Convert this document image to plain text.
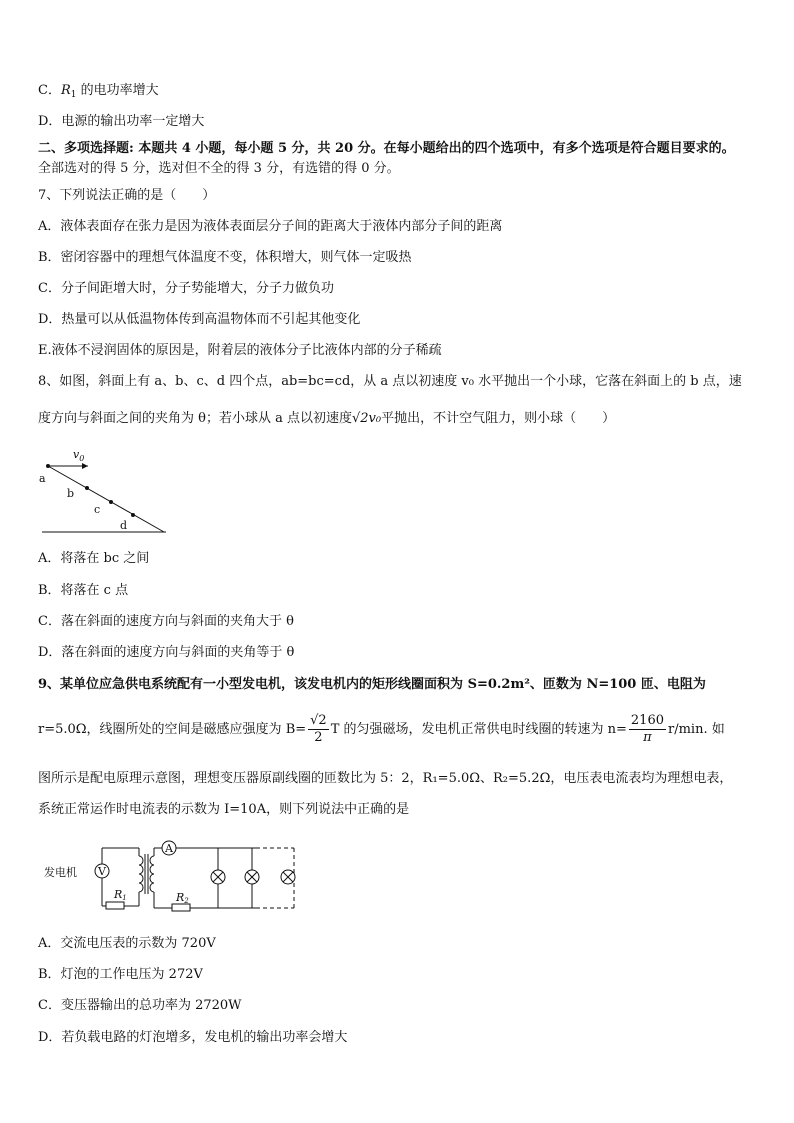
C．$R_1$ 的电功率增大
D．电源的输出功率一定增大
二、多项选择题: 本题共 4 小题，每小题 5 分，共 20 分。在每小题给出的四个选项中，有多个选项是符合题目要求的。
全部选对的得 5 分，选对但不全的得 3 分，有选错的得 0 分。
7、下列说法正确的是（　　）
A．液体表面存在张力是因为液体表面层分子间的距离大于液体内部分子间的距离
B．密闭容器中的理想气体温度不变，体积增大，则气体一定吸热
C．分子间距增大时，分子势能增大，分子力做负功
D．热量可以从低温物体传到高温物体而不引起其他变化
E.液体不浸润固体的原因是，附着层的液体分子比液体内部的分子稀疏
8、如图，斜面上有 a、b、c、d 四个点，ab=bc=cd，从 a 点以初速度 v₀ 水平抛出一个小球，它落在斜面上的 b 点，速
度方向与斜面之间的夹角为 θ；若小球从 a 点以初速度√2v₀平抛出，不计空气阻力，则小球（　　）
$v_0$
a
b
c
d
A．将落在 bc 之间
B．将落在 c 点
C．落在斜面的速度方向与斜面的夹角大于 θ
D．落在斜面的速度方向与斜面的夹角等于 θ
9、某单位应急供电系统配有一小型发电机，该发电机内的矩形线圈面积为 S=0.2m²、匝数为 N=100 匝、电阻为
r=5.0Ω，线圈所处的空间是磁感应强度为 $B= \frac{√2}{2}$ T 的匀强磁场，发电机正常供电时线圈的转速为 $n= \frac{2160}{\pi} r/\min$. 如
图所示是配电原理示意图，理想变压器原副线圈的匝数比为 5：2，R₁=5.0Ω、R₂=5.2Ω，电压表电流表均为理想电表，
系统正常运作时电流表的示数为 I=10A，则下列说法中正确的是
V
R1
A
R2
发电机
A．交流电压表的示数为 720V
B．灯泡的工作电压为 272V
C．变压器输出的总功率为 2720W
D．若负载电路的灯泡增多，发电机的输出功率会增大
